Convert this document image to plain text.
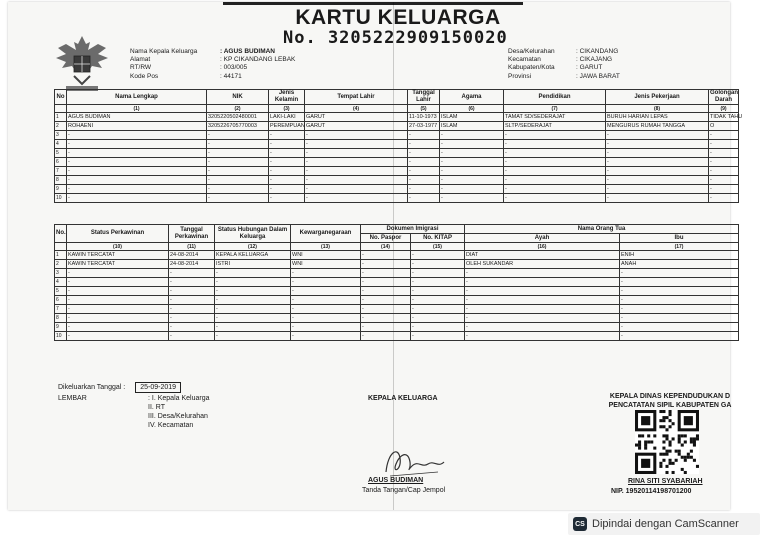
KARTU KELUARGA
No. 3205222909150020
Nama Kepala Keluarga	: AGUS BUDIMAN
Alamat	: KP CIKANDANG LEBAK
RT/RW	: 003/005
Kode Pos	: 44171
Desa/Kelurahan	: CIKANDANG
Kecamatan	: CIKAJANG
Kabupaten/Kota	: GARUT
Provinsi	: JAWA BARAT
No	Nama Lengkap	NIK	Jenis Kelamin	Tempat Lahir	Tanggal Lahir	Agama	Pendidikan	Jenis Pekerjaan	Golongan Darah
	(1)	(2)	(3)	(4)	(5)	(6)	(7)	(8)	(9)
1	AGUS BUDIMAN	3205220502480001	LAKI-LAKI	GARUT	11-10-1973	ISLAM	TAMAT SD/SEDERAJAT	BURUH HARIAN LEPAS	TIDAK TAHU
2	ROHAENI	3205226705770003	PEREMPUAN	GARUT	27-03-1977	ISLAM	SLTP/SEDERAJAT	MENGURUS RUMAH TANGGA	O
3	-	-	-	-	-	-	-	-	-
4	-	-	-	-	-	-	-	-	-
5	-	-	-	-	-	-	-	-	-
6	-	-	-	-	-	-	-	-	-
7	-	-	-	-	-	-	-	-	-
8	-	-	-	-	-	-	-	-	-
9	-	-	-	-	-	-	-	-	-
10	-	-	-	-	-	-	-	-	-
No.	Status Perkawinan	Tanggal Perkawinan	Status Hubungan Dalam Keluarga	Kewarganegaraan	Dokumen Imigrasi		Nama Orang Tua	
					No. Paspor	No. KITAP	Ayah	Ibu
	(10)	(11)	(12)	(13)	(14)	(15)	(16)	(17)
1	KAWIN TERCATAT	24-08-2014	KEPALA KELUARGA	WNI	-	-	DIAT	ENIH
2	KAWIN TERCATAT	24-08-2014	ISTRI	WNI	-	-	OLEH SUKANDAR	ANAH
3	-	-	-	-	-	-	-	-
4	-	-	-	-	-	-	-	-
5	-	-	-	-	-	-	-	-
6	-	-	-	-	-	-	-	-
7	-	-	-	-	-	-	-	-
8	-	-	-	-	-	-	-	-
9	-	-	-	-	-	-	-	-
10	-	-	-	-	-	-	-	-
Dikeluarkan Tanggal : 25-09-2019
LEMBAR	: I. Kepala Keluarga
II. RT
III. Desa/Kelurahan
IV. Kecamatan
KEPALA KELUARGA
AGUS BUDIMAN
Tanda Tangan/Cap Jempol
KEPALA DINAS KEPENDUDUKAN D
PENCATATAN SIPIL KABUPATEN GA
RINA SITI SYABARIAH
NIP. 19520114198701200
CS Dipindai dengan CamScanner
